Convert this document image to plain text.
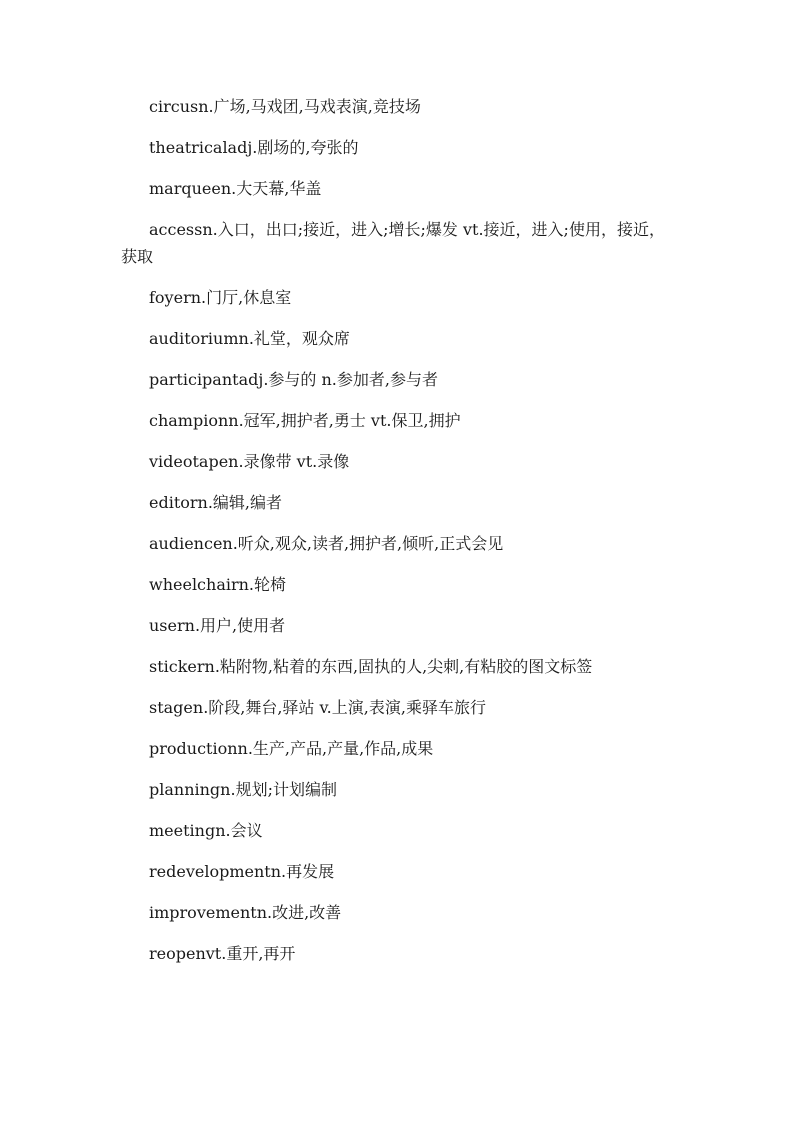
circusn.广场,马戏团,马戏表演,竞技场

theatricaladj.剧场的,夸张的

marqueen.大天幕,华盖

accessn.入口，出口;接近，进入;增长;爆发 vt.接近，进入;使用，接近，获取

foyern.门厅,休息室

auditoriumn.礼堂，观众席

participantadj.参与的 n.参加者,参与者

championn.冠军,拥护者,勇士 vt.保卫,拥护

videotapen.录像带 vt.录像

editorn.编辑,编者

audiencen.听众,观众,读者,拥护者,倾听,正式会见

wheelchairn.轮椅

usern.用户,使用者

stickern.粘附物,粘着的东西,固执的人,尖刺,有粘胶的图文标签

stagen.阶段,舞台,驿站 v.上演,表演,乘驿车旅行

productionn.生产,产品,产量,作品,成果

planningn.规划;计划编制

meetingn.会议

redevelopmentn.再发展

improvementn.改进,改善

reopenvt.重开,再开
